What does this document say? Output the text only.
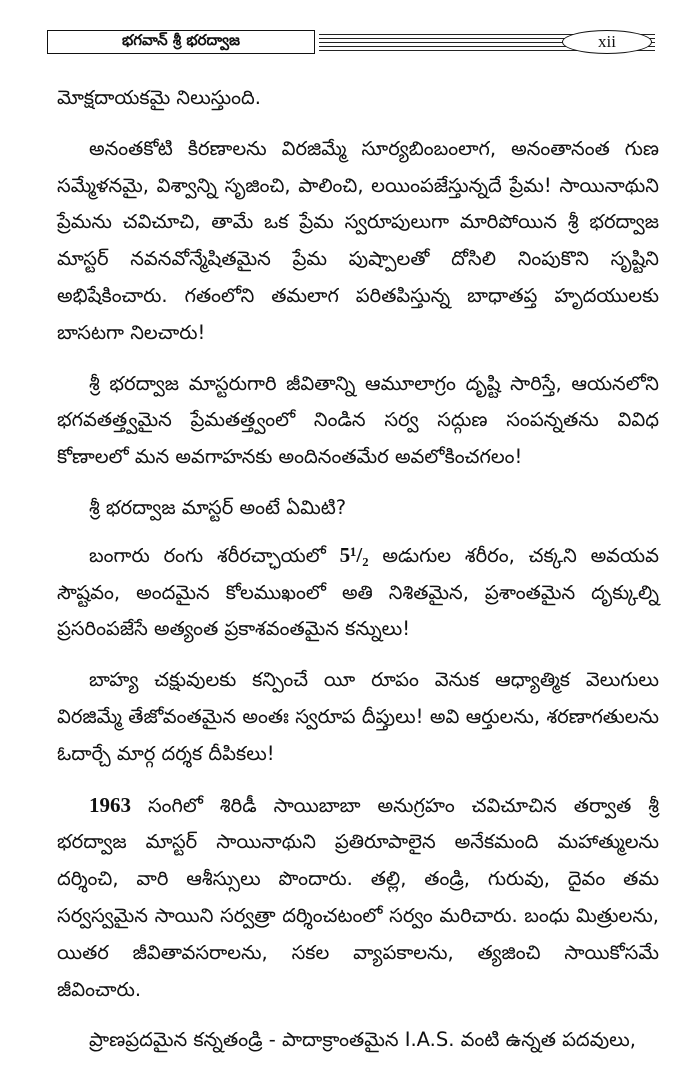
భగవాన్ శ్రీ భరద్వాజ	xii

మోక్షదాయకమై నిలుస్తుంది.

అనంతకోటి కిరణాలను విరజిమ్మే సూర్యబింబంలాగ, అనంతానంత గుణ సమ్మేళనమై, విశ్వాన్ని సృజించి, పాలించి, లయింపజేస్తున్నదే ప్రేమ! సాయినాథుని ప్రేమను చవిచూచి, తామే ఒక ప్రేమ స్వరూపులుగా మారిపోయిన శ్రీ భరద్వాజ మాస్టర్ నవనవోన్మేషితమైన ప్రేమ పుష్పాలతో దోసిలి నింపుకొని సృష్టిని అభిషేకించారు. గతంలోని తమలాగ పరితపిస్తున్న బాధాతప్త హృదయులకు బాసటగా నిలచారు!

శ్రీ భరద్వాజ మాస్టరుగారి జీవితాన్ని ఆమూలాగ్రం దృష్టి సారిస్తే, ఆయనలోని భగవతత్త్వమైన ప్రేమతత్త్వంలో నిండిన సర్వ సద్గుణ సంపన్నతను వివిధ కోణాలలో మన అవగాహనకు అందినంతమేర అవలోకించగలం!

శ్రీ భరద్వాజ మాస్టర్ అంటే ఏమిటి?

బంగారు రంగు శరీరచ్ఛాయలో 5¹/₂ అడుగుల శరీరం, చక్కని అవయవ సౌష్టవం, అందమైన కోలముఖంలో అతి నిశితమైన, ప్రశాంతమైన దృక్కుల్ని ప్రసరింపజేసే అత్యంత ప్రకాశవంతమైన కన్నులు!

బాహ్య చక్షువులకు కన్పించే యీ రూపం వెనుక ఆధ్యాత్మిక వెలుగులు విరజిమ్మే తేజోవంతమైన అంతః స్వరూప దీప్తులు! అవి ఆర్తులను, శరణాగతులను ఓదార్చే మార్గ దర్శక దీపికలు!

1963 సంగిలో శిరిడీ సాయిబాబా అనుగ్రహం చవిచూచిన తర్వాత శ్రీ భరద్వాజ మాస్టర్ సాయినాథుని ప్రతిరూపాలైన అనేకమంది మహాత్ములను దర్శించి, వారి ఆశీస్సులు పొందారు. తల్లి, తండ్రి, గురువు, దైవం తమ సర్వస్వమైన సాయిని సర్వత్రా దర్శించటంలో సర్వం మరిచారు. బంధు మిత్రులను, యితర జీవితావసరాలను, సకల వ్యాపకాలను, త్యజించి సాయికోసమే జీవించారు.

ప్రాణప్రదమైన కన్నతండ్రి - పాదాక్రాంతమైన I.A.S. వంటి ఉన్నత పదవులు,
